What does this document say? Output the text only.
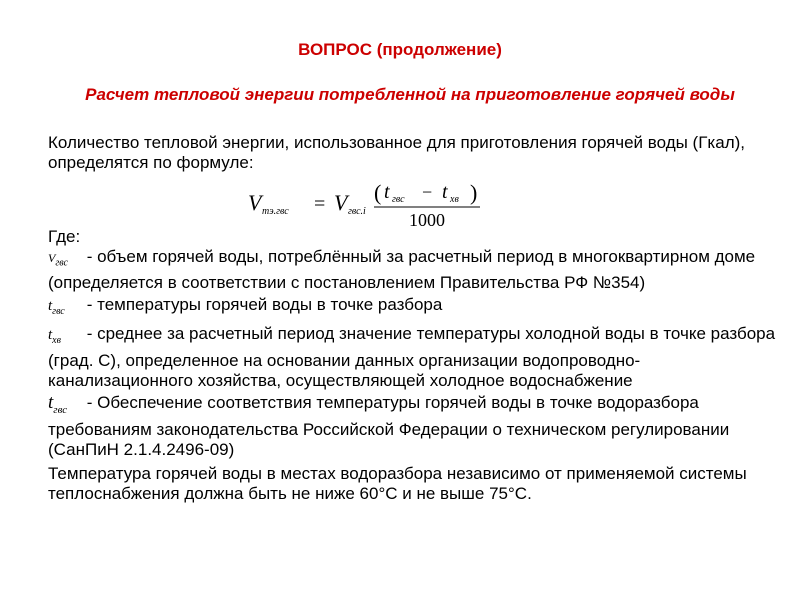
ВОПРОС (продолжение)
Расчет тепловой энергии потребленной на приготовление горячей воды
Количество тепловой энергии, использованное для приготовления горячей воды (Гкал), определятся по формуле:
V тэ.гвс = V гвс.i
( t гвс − t хв )
1000
Где:

$V_{гвс}$ - объем горячей воды, потреблённый за расчетный период в многоквартирном доме (определяется в соответствии с постановлением Правительства РФ №354)

$t_{гвс}$ - температуры горячей воды в точке разбора

$t_{хв}$ - среднее за расчетный период значение температуры холодной воды в точке разбора (град. С), определенное на основании данных организации водопроводно-канализационного хозяйства, осуществляющей холодное водоснабжение

$t_{гвс}$ - Обеспечение соответствия температуры горячей воды в точке водоразбора требованиям законодательства Российской Федерации о техническом регулировании (СанПиН 2.1.4.2496-09)

Температура горячей воды в местах водоразбора независимо от применяемой системы теплоснабжения должна быть не ниже 60°С и не выше 75°С.
